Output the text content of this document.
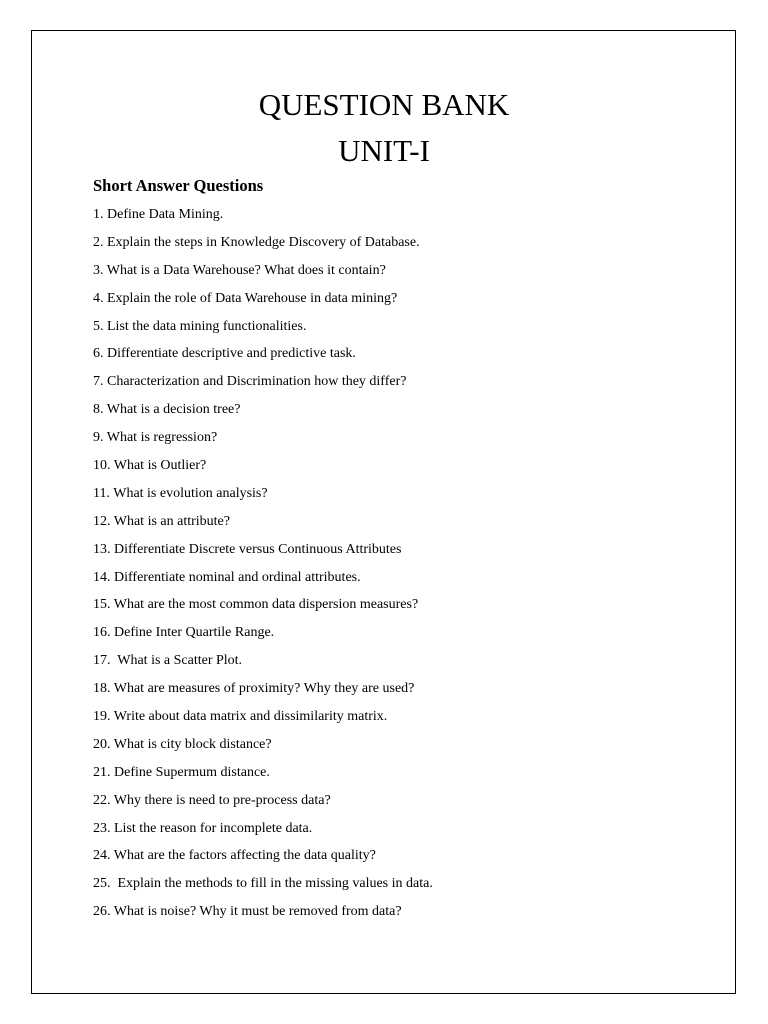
QUESTION BANK
UNIT-I
Short Answer Questions
1. Define Data Mining.
2. Explain the steps in Knowledge Discovery of Database.
3. What is a Data Warehouse? What does it contain?
4. Explain the role of Data Warehouse in data mining?
5. List the data mining functionalities.
6. Differentiate descriptive and predictive task.
7. Characterization and Discrimination how they differ?
8. What is a decision tree?
9. What is regression?
10. What is Outlier?
11. What is evolution analysis?
12. What is an attribute?
13. Differentiate Discrete versus Continuous Attributes
14. Differentiate nominal and ordinal attributes.
15. What are the most common data dispersion measures?
16. Define Inter Quartile Range.
17.  What is a Scatter Plot.
18. What are measures of proximity? Why they are used?
19. Write about data matrix and dissimilarity matrix.
20. What is city block distance?
21. Define Supermum distance.
22. Why there is need to pre-process data?
23. List the reason for incomplete data.
24. What are the factors affecting the data quality?
25.  Explain the methods to fill in the missing values in data.
26. What is noise? Why it must be removed from data?
